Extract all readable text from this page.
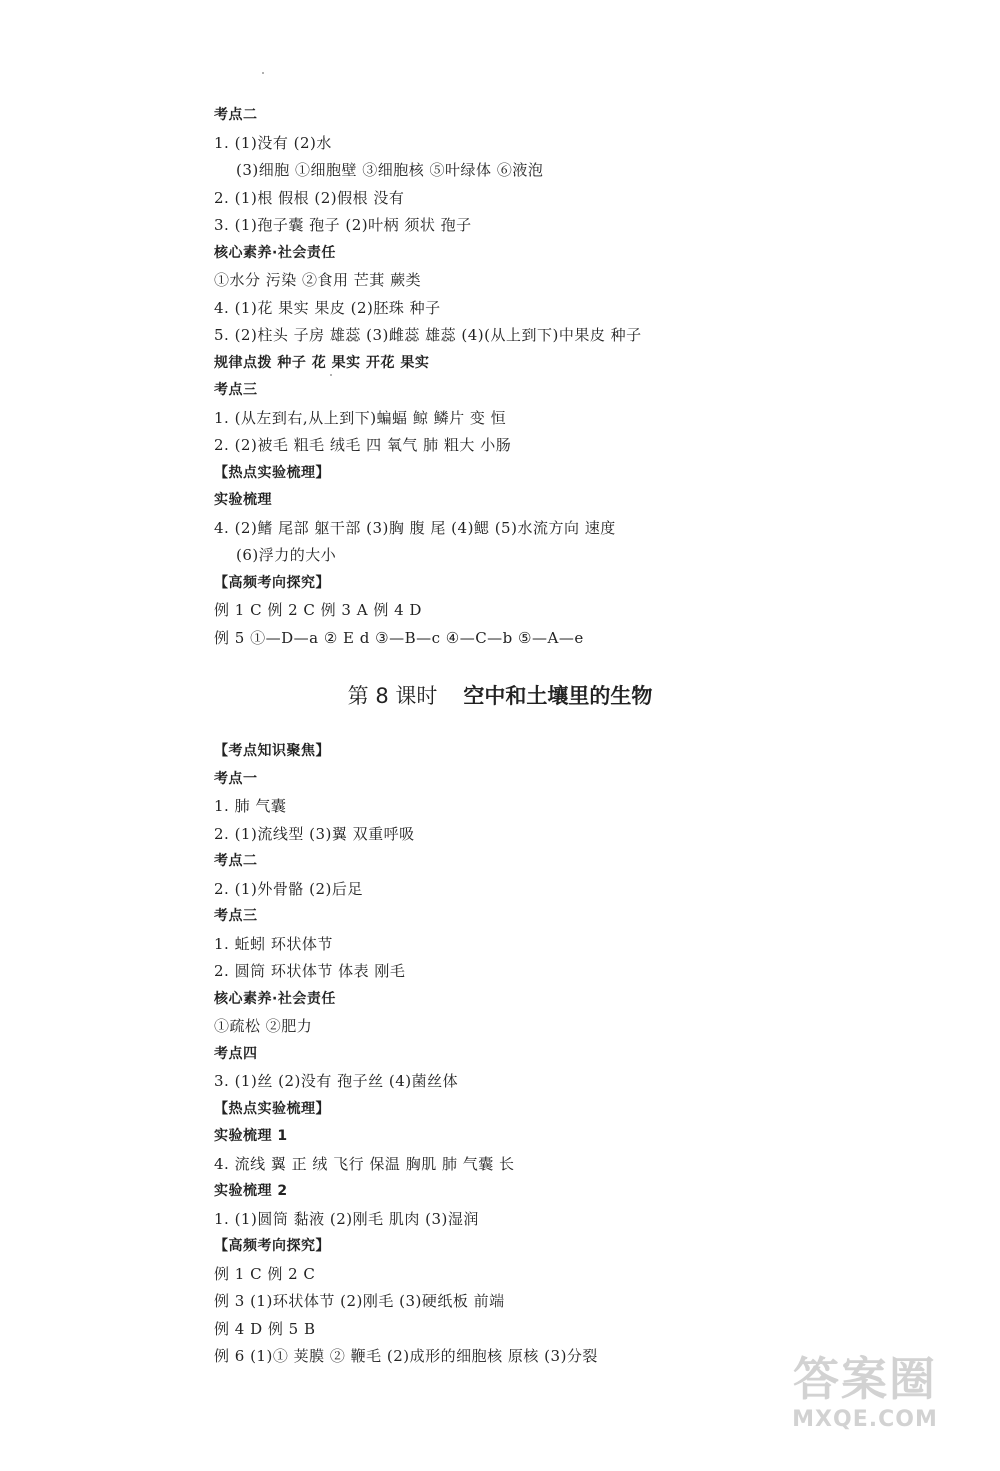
考点二
1. (1)没有 (2)水
(3)细胞 ①细胞壁 ③细胞核 ⑤叶绿体 ⑥液泡
2. (1)根 假根 (2)假根 没有
3. (1)孢子囊 孢子 (2)叶柄 须状 孢子
核心素养·社会责任
①水分 污染 ②食用 芒萁 蕨类
4. (1)花 果实 果皮 (2)胚珠 种子
5. (2)柱头 子房 雄蕊 (3)雌蕊 雄蕊 (4)(从上到下)中果皮 种子
规律点拨 种子 花 果实 开花 果实
考点三
1. (从左到右,从上到下)蝙蝠 鲸 鳞片 变 恒
2. (2)被毛 粗毛 绒毛 四 氧气 肺 粗大 小肠
【热点实验梳理】
实验梳理
4. (2)鳍 尾部 躯干部 (3)胸 腹 尾 (4)鳃 (5)水流方向 速度
(6)浮力的大小
【高频考向探究】
例 1 C 例 2 C 例 3 A 例 4 D
例 5 ①—D—a ② E d ③—B—c ④—C—b ⑤—A—e
第 8 课时 空中和土壤里的生物
【考点知识聚焦】
考点一
1. 肺 气囊
2. (1)流线型 (3)翼 双重呼吸
考点二
2. (1)外骨骼 (2)后足
考点三
1. 蚯蚓 环状体节
2. 圆筒 环状体节 体表 刚毛
核心素养·社会责任
①疏松 ②肥力
考点四
3. (1)丝 (2)没有 孢子丝 (4)菌丝体
【热点实验梳理】
实验梳理 1
4. 流线 翼 正 绒 飞行 保温 胸肌 肺 气囊 长
实验梳理 2
1. (1)圆筒 黏液 (2)刚毛 肌肉 (3)湿润
【高频考向探究】
例 1 C 例 2 C
例 3 (1)环状体节 (2)刚毛 (3)硬纸板 前端
例 4 D 例 5 B
例 6 (1)① 荚膜 ② 鞭毛 (2)成形的细胞核 原核 (3)分裂	答案圈
MXQE.COM
